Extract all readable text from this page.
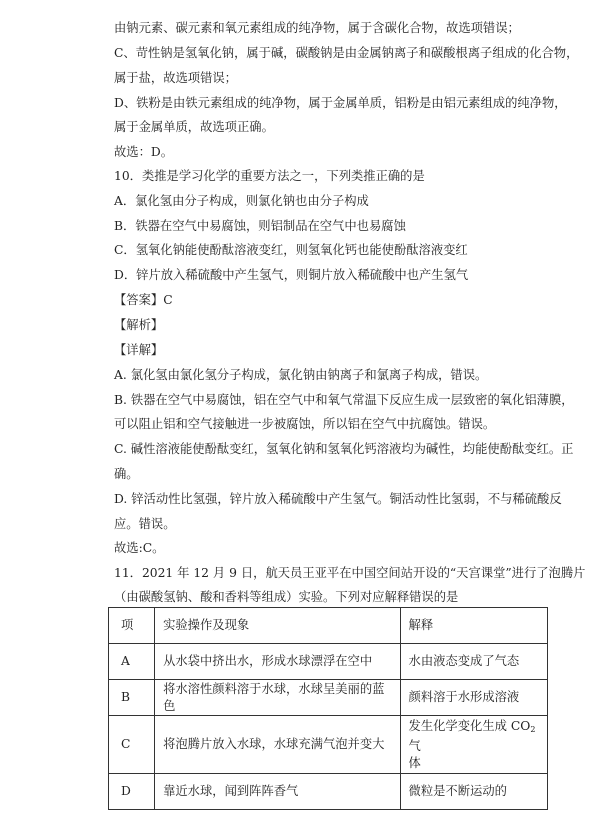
由钠元素、碳元素和氧元素组成的纯净物，属于含碳化合物，故选项错误；
C、苛性钠是氢氧化钠，属于碱，碳酸钠是由金属钠离子和碳酸根离子组成的化合物，
属于盐，故选项错误；
D、铁粉是由铁元素组成的纯净物，属于金属单质，铝粉是由铝元素组成的纯净物，
属于金属单质，故选项正确。
故选：D。
10．类推是学习化学的重要方法之一，下列类推正确的是
A．氯化氢由分子构成，则氯化钠也由分子构成
B．铁器在空气中易腐蚀，则铝制品在空气中也易腐蚀
C．氢氧化钠能使酚酞溶液变红，则氢氧化钙也能使酚酞溶液变红
D．锌片放入稀硫酸中产生氢气，则铜片放入稀硫酸中也产生氢气
【答案】C
【解析】
【详解】
A. 氯化氢由氯化氢分子构成，氯化钠由钠离子和氯离子构成，错误。
B. 铁器在空气中易腐蚀，铝在空气中和氧气常温下反应生成一层致密的氧化铝薄膜，
可以阻止铝和空气接触进一步被腐蚀，所以铝在空气中抗腐蚀。错误。
C. 碱性溶液能使酚酞变红，氢氧化钠和氢氧化钙溶液均为碱性，均能使酚酞变红。正
确。
D. 锌活动性比氢强，锌片放入稀硫酸中产生氢气。铜活动性比氢弱，不与稀硫酸反
应。错误。
故选:C。
11．2021 年 12 月 9 日，航天员王亚平在中国空间站开设的“天宫课堂”进行了泡腾片
（由碳酸氢钠、酸和香料等组成）实验。下列对应解释错误的是
项	实验操作及现象	解释
A	从水袋中挤出水，形成水球漂浮在空中	水由液态变成了气态
B	将水溶性颜料溶于水球，水球呈美丽的蓝色	颜料溶于水形成溶液
C	将泡腾片放入水球，水球充满气泡并变大	发生化学变化生成 $CO_2$气
体
D	靠近水球，闻到阵阵香气	微粒是不断运动的
